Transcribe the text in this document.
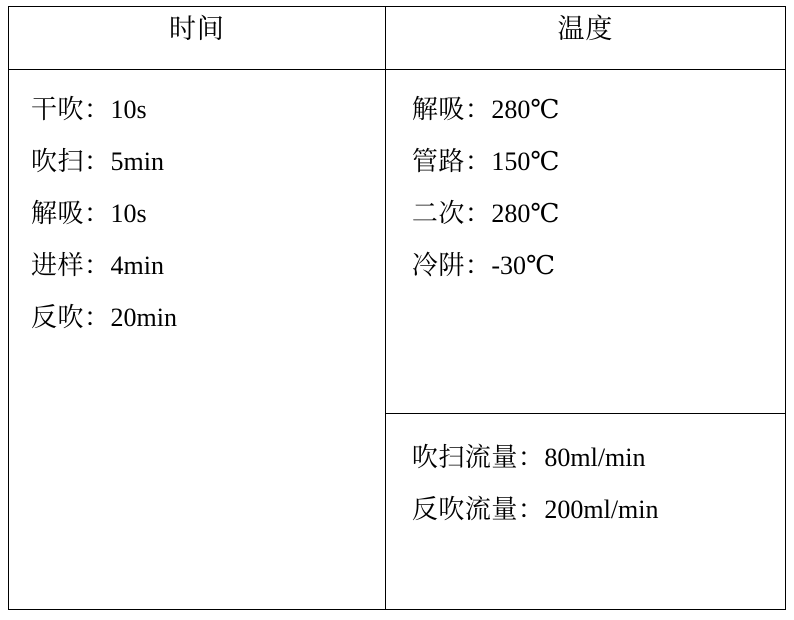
时间	温度

干吹：10s
吹扫：5min
解吸：10s
进样：4min
反吹：20min

解吸：280℃
管路：150℃
二次：280℃
冷阱：-30℃

	吹扫流量：80ml/min
反吹流量：200ml/min
